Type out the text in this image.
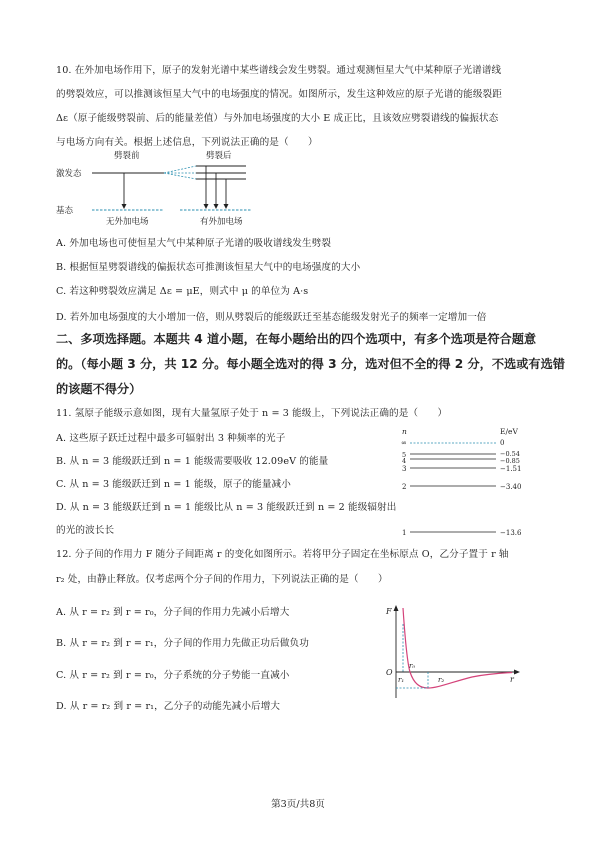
10. 在外加电场作用下，原子的发射光谱中某些谱线会发生劈裂。通过观测恒星大气中某种原子光谱谱线
的劈裂效应，可以推测该恒星大气中的电场强度的情况。如图所示，发生这种效应的原子光谱的能级裂距
Δε（原子能级劈裂前、后的能量差值）与外加电场强度的大小 E 成正比，且该效应劈裂谱线的偏振状态
与电场方向有关。根据上述信息，下列说法正确的是（　　）
劈裂前	劈裂后
激发态
基态
无外加电场	有外加电场
A. 外加电场也可使恒星大气中某种原子光谱的吸收谱线发生劈裂
B. 根据恒星劈裂谱线的偏振状态可推测该恒星大气中的电场强度的大小
C. 若这种劈裂效应满足 Δε = μE，则式中 μ 的单位为 A·s
D. 若外加电场强度的大小增加一倍，则从劈裂后的能级跃迁至基态能级发射光子的频率一定增加一倍
二、多项选择题。本题共 4 道小题，在每小题给出的四个选项中，有多个选项是符合题意
的。（每小题 3 分，共 12 分。每小题全选对的得 3 分，选对但不全的得 2 分，不选或有选错
的该题不得分）
11. 氢原子能级示意如图，现有大量氢原子处于 n = 3 能级上，下列说法正确的是（　　）
A. 这些原子跃迁过程中最多可辐射出 3 种频率的光子
B. 从 n = 3 能级跃迁到 n = 1 能级需要吸收 12.09eV 的能量
C. 从 n = 3 能级跃迁到 n = 1 能级，原子的能量减小
D. 从 n = 3 能级跃迁到 n = 1 能级比从 n = 3 能级跃迁到 n = 2 能级辐射出
的光的波长长
n	E/eV
∞	0
5	−0.54
4	−0.85
3	−1.51
2	−3.40
1	−13.6
12. 分子间的作用力 F 随分子间距离 r 的变化如图所示。若将甲分子固定在坐标原点 O，乙分子置于 r 轴
r₂ 处，由静止释放。仅考虑两个分子间的作用力，下列说法正确的是（　　）
A. 从 r = r₂ 到 r = r₀，分子间的作用力先减小后增大
B. 从 r = r₂ 到 r = r₁，分子间的作用力先做正功后做负功
C. 从 r = r₂ 到 r = r₀，分子系统的分子势能一直减小
D. 从 r = r₂ 到 r = r₁，乙分子的动能先减小后增大
F
r
O
r₀
r₁	r₂
第3页/共8页
